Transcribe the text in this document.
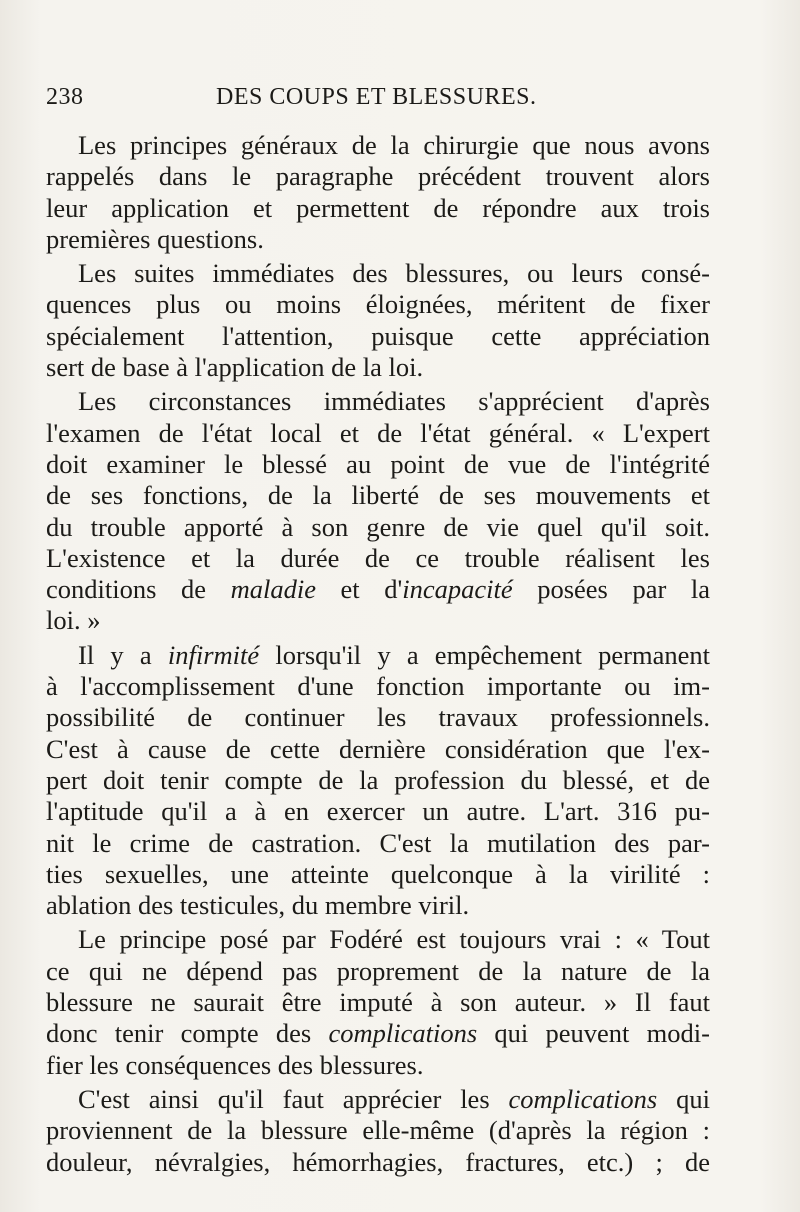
238	DES COUPS ET BLESSURES.
Les principes généraux de la chirurgie que nous avons
rappelés dans le paragraphe précédent trouvent alors
leur application et permettent de répondre aux trois
premières questions.
Les suites immédiates des blessures, ou leurs consé-
quences plus ou moins éloignées, méritent de fixer
spécialement l'attention, puisque cette appréciation
sert de base à l'application de la loi.
Les circonstances immédiates s'apprécient d'après
l'examen de l'état local et de l'état général. « L'expert
doit examiner le blessé au point de vue de l'intégrité
de ses fonctions, de la liberté de ses mouvements et
du trouble apporté à son genre de vie quel qu'il soit.
L'existence et la durée de ce trouble réalisent les
conditions de maladie et d'incapacité posées par la
loi. »
Il y a infirmité lorsqu'il y a empêchement permanent
à l'accomplissement d'une fonction importante ou im-
possibilité de continuer les travaux professionnels.
C'est à cause de cette dernière considération que l'ex-
pert doit tenir compte de la profession du blessé, et de
l'aptitude qu'il a à en exercer un autre. L'art. 316 pu-
nit le crime de castration. C'est la mutilation des par-
ties sexuelles, une atteinte quelconque à la virilité :
ablation des testicules, du membre viril.
Le principe posé par Fodéré est toujours vrai : « Tout
ce qui ne dépend pas proprement de la nature de la
blessure ne saurait être imputé à son auteur. » Il faut
donc tenir compte des complications qui peuvent modi-
fier les conséquences des blessures.
C'est ainsi qu'il faut apprécier les complications qui
proviennent de la blessure elle-même (d'après la région :
douleur, névralgies, hémorrhagies, fractures, etc.) ; de
